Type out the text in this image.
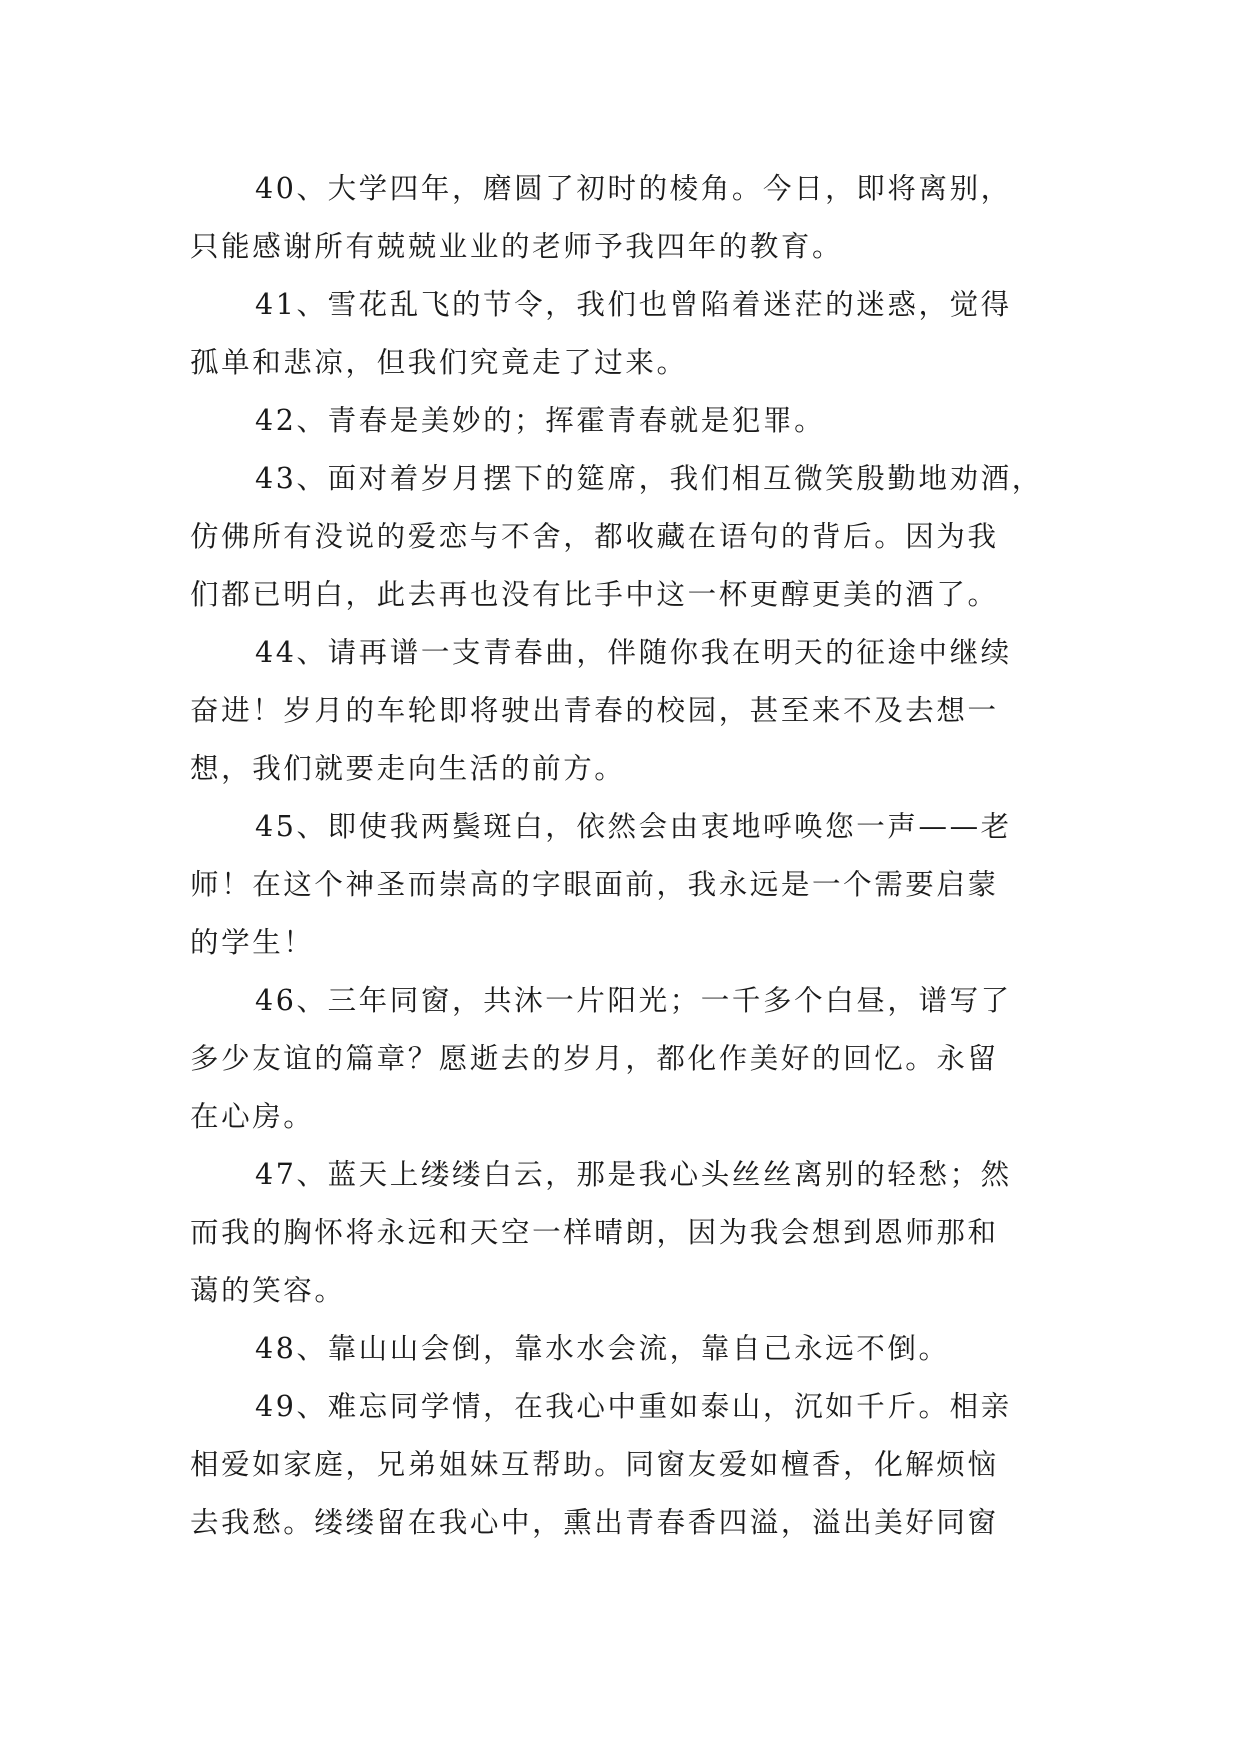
40、大学四年，磨圆了初时的棱角。今日，即将离别，
只能感谢所有兢兢业业的老师予我四年的教育。
41、雪花乱飞的节令，我们也曾陷着迷茫的迷惑，觉得
孤单和悲凉，但我们究竟走了过来。
42、青春是美妙的；挥霍青春就是犯罪。
43、面对着岁月摆下的筵席，我们相互微笑殷勤地劝酒，
仿佛所有没说的爱恋与不舍，都收藏在语句的背后。因为我
们都已明白，此去再也没有比手中这一杯更醇更美的酒了。
44、请再谱一支青春曲，伴随你我在明天的征途中继续
奋进！岁月的车轮即将驶出青春的校园，甚至来不及去想一
想，我们就要走向生活的前方。
45、即使我两鬓斑白，依然会由衷地呼唤您一声——老
师！在这个神圣而崇高的字眼面前，我永远是一个需要启蒙
的学生！
46、三年同窗，共沐一片阳光；一千多个白昼，谱写了
多少友谊的篇章？愿逝去的岁月，都化作美好的回忆。永留
在心房。
47、蓝天上缕缕白云，那是我心头丝丝离别的轻愁；然
而我的胸怀将永远和天空一样晴朗，因为我会想到恩师那和
蔼的笑容。
48、靠山山会倒，靠水水会流，靠自己永远不倒。
49、难忘同学情，在我心中重如泰山，沉如千斤。相亲
相爱如家庭，兄弟姐妹互帮助。同窗友爱如檀香，化解烦恼
去我愁。缕缕留在我心中，熏出青春香四溢，溢出美好同窗
